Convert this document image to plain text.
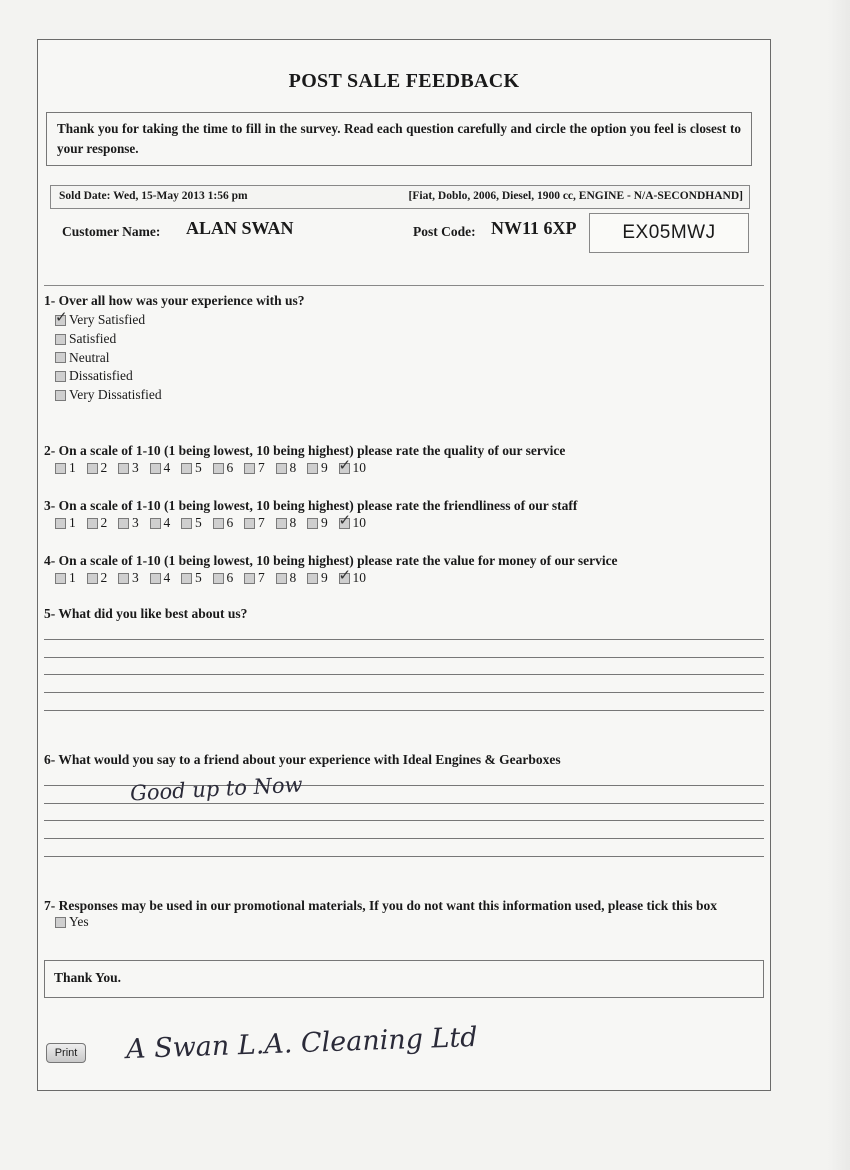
POST SALE FEEDBACK
Thank you for taking the time to fill in the survey. Read each question carefully and circle the option you feel is closest to your response.
Sold Date: Wed, 15-May 2013 1:56 pm	[Fiat, Doblo, 2006, Diesel, 1900 cc, ENGINE - N/A-SECONDHAND]
Customer Name: ALAN SWAN	Post Code: NW11 6XP	EX05MWJ
1- Over all how was your experience with us?
✓
Very Satisfied
Satisfied
Neutral
Dissatisfied
Very Dissatisfied
2- On a scale of 1-10 (1 being lowest, 10 being highest) please rate the quality of our service
1 2 3 4 5 6 7 8 9 ✓ 10
3- On a scale of 1-10 (1 being lowest, 10 being highest) please rate the friendliness of our staff
1 2 3 4 5 6 7 8 9 ✓ 10
4- On a scale of 1-10 (1 being lowest, 10 being highest) please rate the value for money of our service
1 2 3 4 5 6 7 8 9 ✓ 10
5- What did you like best about us?
6- What would you say to a friend about your experience with Ideal Engines & Gearboxes
Good up to Now
7- Responses may be used in our promotional materials, If you do not want this information used, please tick this box
Yes
Thank You.
Print	A Swan L.A. Cleaning Ltd
